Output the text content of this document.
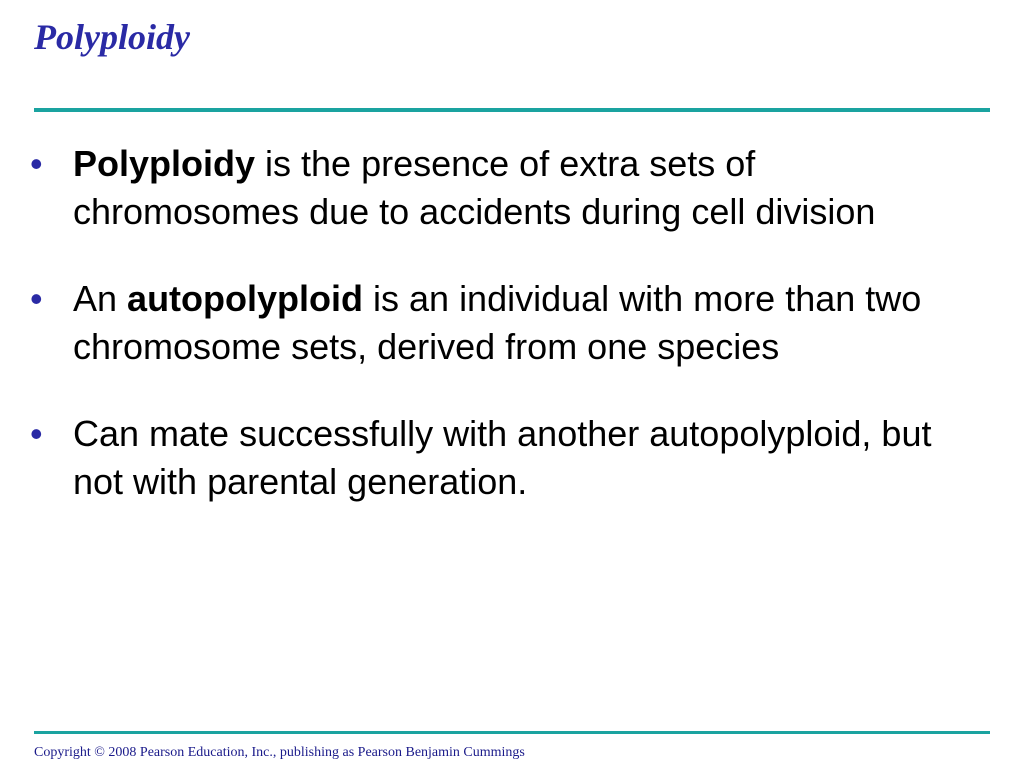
Polyploidy
• Polyploidy is the presence of extra sets of chromosomes due to accidents during cell division
• An autopolyploid is an individual with more than two chromosome sets, derived from one species
• Can mate successfully with another autopolyploid, but not with parental generation.
Copyright © 2008 Pearson Education, Inc., publishing as Pearson Benjamin Cummings
